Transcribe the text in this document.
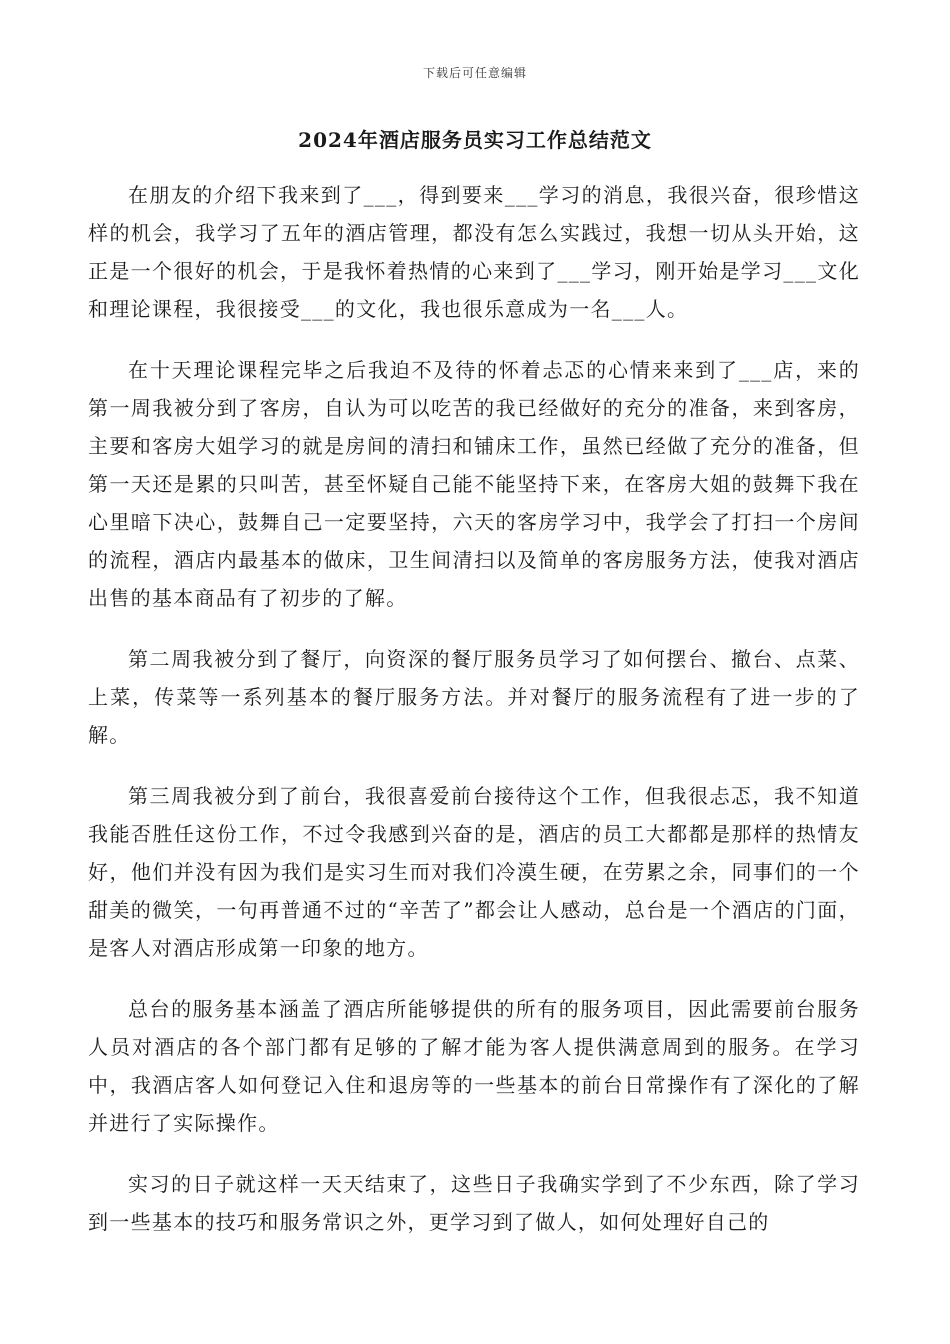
下载后可任意编辑
2024年酒店服务员实习工作总结范文

在朋友的介绍下我来到了___，得到要来___学习的消息，我很兴奋，很珍惜这样的机会，我学习了五年的酒店管理，都没有怎么实践过，我想一切从头开始，这正是一个很好的机会，于是我怀着热情的心来到了___学习，刚开始是学习___文化和理论课程，我很接受___的文化，我也很乐意成为一名___人。

在十天理论课程完毕之后我迫不及待的怀着忐忑的心情来来到了___店，来的第一周我被分到了客房，自认为可以吃苦的我已经做好的充分的准备，来到客房，主要和客房大姐学习的就是房间的清扫和铺床工作，虽然已经做了充分的准备，但第一天还是累的只叫苦，甚至怀疑自己能不能坚持下来，在客房大姐的鼓舞下我在心里暗下决心，鼓舞自己一定要坚持，六天的客房学习中，我学会了打扫一个房间的流程，酒店内最基本的做床，卫生间清扫以及简单的客房服务方法，使我对酒店出售的基本商品有了初步的了解。

第二周我被分到了餐厅，向资深的餐厅服务员学习了如何摆台、撤台、点菜、上菜，传菜等一系列基本的餐厅服务方法。并对餐厅的服务流程有了进一步的了解。

第三周我被分到了前台，我很喜爱前台接待这个工作，但我很忐忑，我不知道我能否胜任这份工作，不过令我感到兴奋的是，酒店的员工大都都是那样的热情友好，他们并没有因为我们是实习生而对我们冷漠生硬，在劳累之余，同事们的一个甜美的微笑，一句再普通不过的“辛苦了”都会让人感动，总台是一个酒店的门面，是客人对酒店形成第一印象的地方。

总台的服务基本涵盖了酒店所能够提供的所有的服务项目，因此需要前台服务人员对酒店的各个部门都有足够的了解才能为客人提供满意周到的服务。在学习中，我酒店客人如何登记入住和退房等的一些基本的前台日常操作有了深化的了解并进行了实际操作。

实习的日子就这样一天天结束了，这些日子我确实学到了不少东西，除了学习到一些基本的技巧和服务常识之外，更学习到了做人，如何处理好自己的
